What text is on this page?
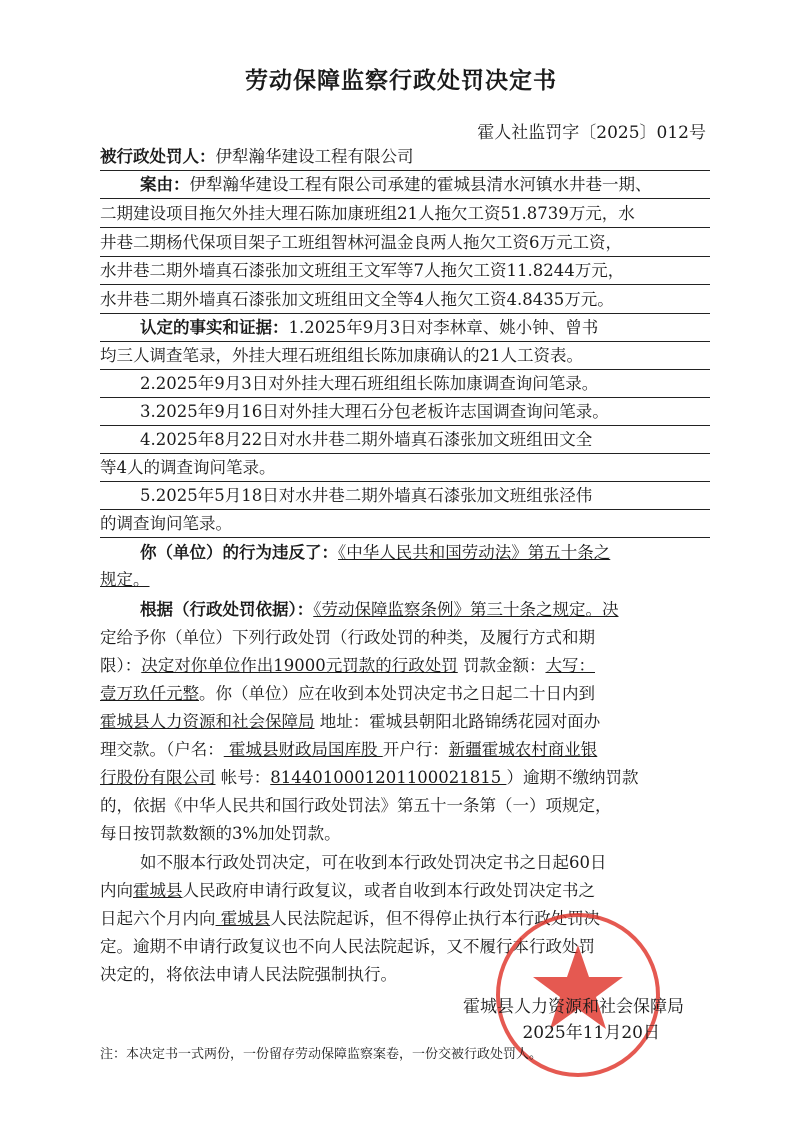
劳动保障监察行政处罚决定书
霍人社监罚字〔2025〕012号
被行政处罚人：伊犁瀚华建设工程有限公司
案由：伊犁瀚华建设工程有限公司承建的霍城县清水河镇水井巷一期、
二期建设项目拖欠外挂大理石陈加康班组21人拖欠工资51.8739万元，水
井巷二期杨代保项目架子工班组智林河温金良两人拖欠工资6万元工资，
水井巷二期外墙真石漆张加文班组王文军等7人拖欠工资11.8244万元，
水井巷二期外墙真石漆张加文班组田文全等4人拖欠工资4.8435万元。
认定的事实和证据：1.2025年9月3日对李林章、姚小钟、曾书
均三人调查笔录，外挂大理石班组组长陈加康确认的21人工资表。
2.2025年9月3日对外挂大理石班组组长陈加康调查询问笔录。
3.2025年9月16日对外挂大理石分包老板许志国调查询问笔录。
4.2025年8月22日对水井巷二期外墙真石漆张加文班组田文全
等4人的调查询问笔录。
5.2025年5月18日对水井巷二期外墙真石漆张加文班组张泾伟
的调查询问笔录。
你（单位）的行为违反了：《中华人民共和国劳动法》第五十条之
规定。
根据（行政处罚依据）：《劳动保障监察条例》第三十条之规定。决
定给予你（单位）下列行政处罚（行政处罚的种类，及履行方式和期
限）：决定对你单位作出19000元罚款的行政处罚 罚款金额：大写：
壹万玖仟元整。你（单位）应在收到本处罚决定书之日起二十日内到
霍城县人力资源和社会保障局 地址：霍城县朝阳北路锦绣花园对面办
理交款。（户名： 霍城县财政局国库股 开户行：新疆霍城农村商业银
行股份有限公司 帐号：814401000120110002181​5 ）逾期不缴纳罚款
的，依据《中华人民共和国行政处罚法》第五十一条第（一）项规定，
每日按罚款数额的3%加处罚款。
如不服本行政处罚决定，可在收到本行政处罚决定书之日起60日
内向霍城县人民政府申请行政复议，或者自收到本行政处罚决定书之
日起六个月内向 霍城县人民法院起诉，但不得停止执行本行政处罚决
定。逾期不申请行政复议也不向人民法院起诉，又不履行本行政处罚
决定的，将依法申请人民法院强制执行。
霍城县人力资源和社会保障局
2025年11月20日
注：本决定书一式两份，一份留存劳动保障监察案卷，一份交被行政处罚人。
